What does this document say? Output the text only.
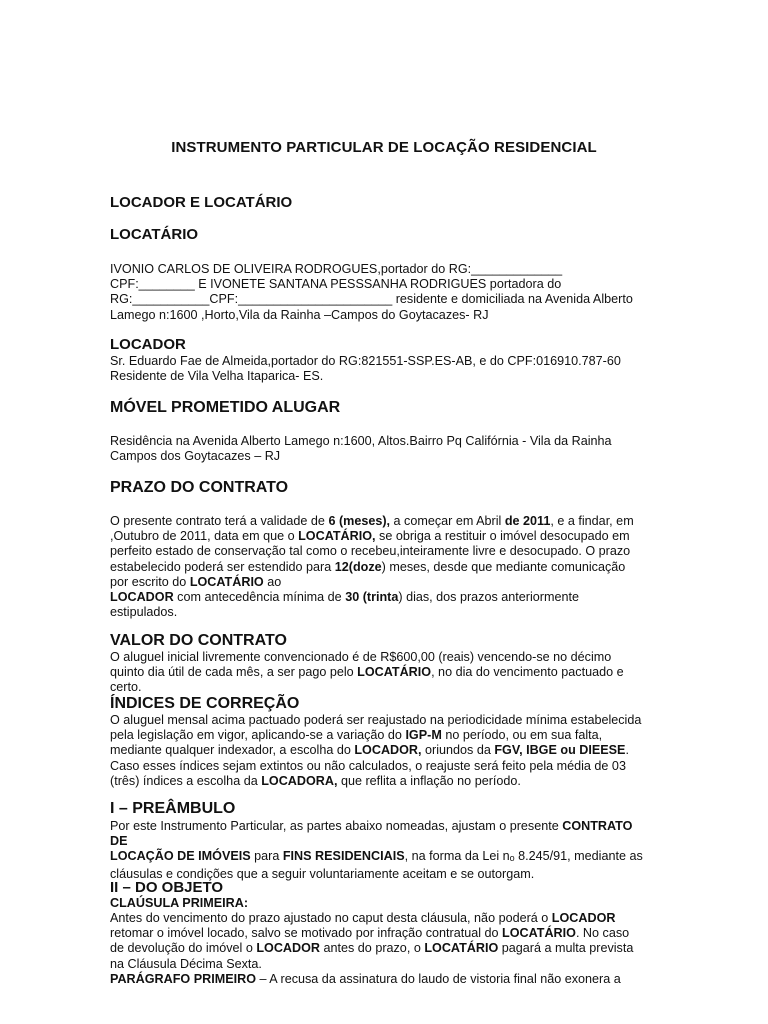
INSTRUMENTO PARTICULAR DE LOCAÇÃO RESIDENCIAL
LOCADOR E LOCATÁRIO
LOCATÁRIO
IVONIO CARLOS DE OLIVEIRA RODROGUES,portador do RG:_____________
CPF:________ E IVONETE SANTANA PESSSANHA RODRIGUES portadora do
RG:___________CPF:______________________ residente e domiciliada na Avenida Alberto
Lamego n:1600 ,Horto,Vila da Rainha –Campos do Goytacazes- RJ
LOCADOR
Sr. Eduardo Fae de Almeida,portador do RG:821551-SSP.ES-AB, e do CPF:016910.787-60
Residente de Vila Velha Itaparica- ES.
MÓVEL PROMETIDO ALUGAR
Residência na Avenida Alberto Lamego n:1600, Altos.Bairro Pq Califórnia - Vila da Rainha
Campos dos Goytacazes – RJ
PRAZO DO CONTRATO
O presente contrato terá a validade de 6 (meses), a começar em Abril de 2011, e a findar, em
,Outubro de 2011, data em que o LOCATÁRIO, se obriga a restituir o imóvel desocupado em
perfeito estado de conservação tal como o recebeu,inteiramente livre e desocupado. O prazo
estabelecido poderá ser estendido para 12(doze) meses, desde que mediante comunicação
por escrito do LOCATÁRIO ao
LOCADOR com antecedência mínima de 30 (trinta) dias, dos prazos anteriormente
estipulados.
VALOR DO CONTRATO
O aluguel inicial livremente convencionado é de R$600,00 (reais) vencendo-se no décimo
quinto dia útil de cada mês, a ser pago pelo LOCATÁRIO, no dia do vencimento pactuado e
certo.
ÍNDICES DE CORREÇÃO
O aluguel mensal acima pactuado poderá ser reajustado na periodicidade mínima estabelecida
pela legislação em vigor, aplicando-se a variação do IGP-M no período, ou em sua falta,
mediante qualquer indexador, a escolha do LOCADOR, oriundos da FGV, IBGE ou DIEESE.
Caso esses índices sejam extintos ou não calculados, o reajuste será feito pela média de 03
(três) índices a escolha da LOCADORA, que reflita a inflação no período.
I – PREÂMBULO
Por este Instrumento Particular, as partes abaixo nomeadas, ajustam o presente CONTRATO
DE
LOCAÇÃO DE IMÓVEIS para FINS RESIDENCIAIS, na forma da Lei no 8.245/91, mediante as
cláusulas e condições que a seguir voluntariamente aceitam e se outorgam.
II – DO OBJETO
CLAÚSULA PRIMEIRA:
Antes do vencimento do prazo ajustado no caput desta cláusula, não poderá o LOCADOR
retomar o imóvel locado, salvo se motivado por infração contratual do LOCATÁRIO. No caso
de devolução do imóvel o LOCADOR antes do prazo, o LOCATÁRIO pagará a multa prevista
na Cláusula Décima Sexta.
PARÁGRAFO PRIMEIRO – A recusa da assinatura do laudo de vistoria final não exonera a
